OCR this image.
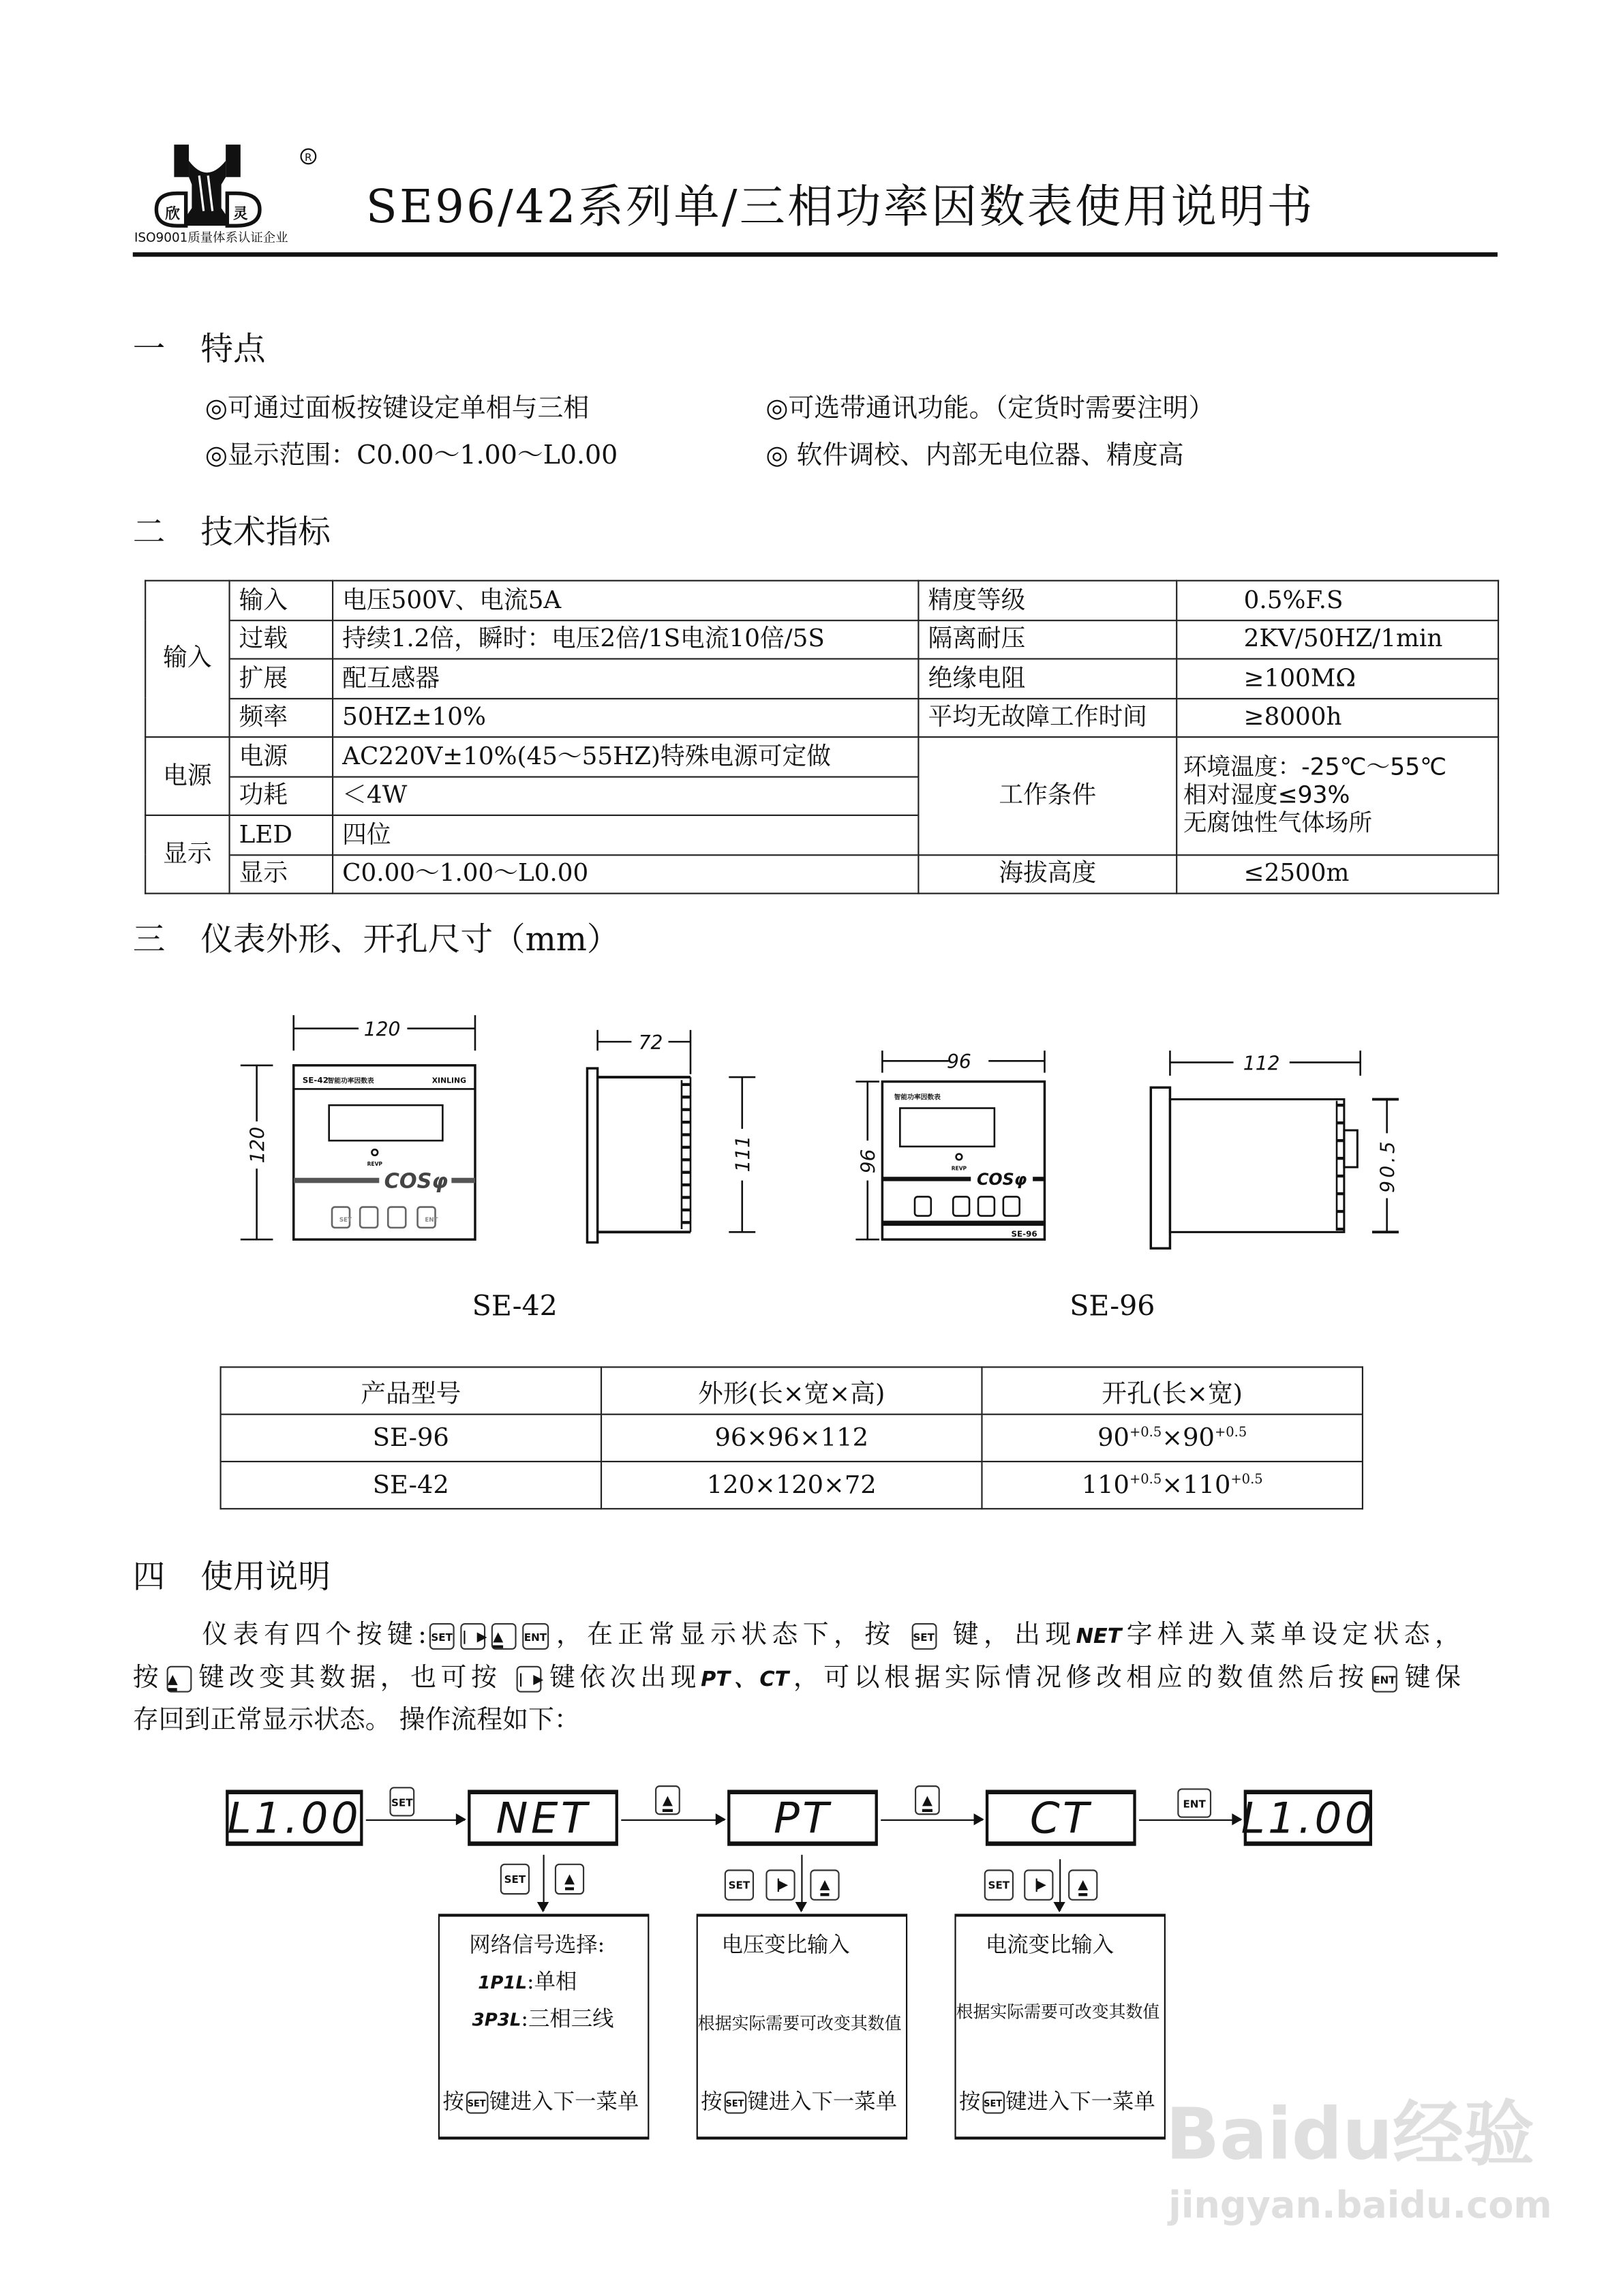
欣	灵
R
ISO9001质量体系认证企业
SE96/42系列单/三相功率因数表使用说明书
一 特点
◎可通过面板按键设定单相与三相	◎可选带通讯功能。（定货时需要注明）
◎显示范围：C0.00～1.00～L0.00	◎ 软件调校、内部无电位器、精度高
二 技术指标
输入	输入	电压500V、电流5A	精度等级	0.5%F.S
	过载	持续1.2倍，瞬时：电压2倍/1S电流10倍/5S	隔离耐压	2KV/50HZ/1min
	扩展	配互感器	绝缘电阻	≥100MΩ
	频率	50HZ±10%	平均无故障工作时间	≥8000h

电源	电源	AC220V±10%(45～55HZ)特殊电源可定做	工作条件	环境温度：-25℃～55℃
相对湿度≤93%
无腐蚀性气体场所

	功耗	＜4W		

显示	LED	四位		
	显示	C0.00～1.00～L0.00	海拔高度	≤2500m
三 仪表外形、开孔尺寸（mm）
120
120
72
111
SE-42
智能功率因数表	XINLING
REVP
COSφ
96
96
112
90.5
智能功率因数表
REVP
COSφ
SE-96
SET	ENT
SE-42	SE-96
产品型号	外形(长×宽×高)	开孔(长×宽)
SE-96	96×96×112	$90^{+0.5}\times 90^{+0.5}$
SE-42	120×120×72	$110^{+0.5}\times 110^{+0.5}$
四 使用说明
仪表有四个按键: SET |▶ ▲	ENT ，在正常显示状态下，按	SET 键，出现NET字样进入菜单设定状态，
按 ▲	键改变其数据，也可按 |▶	键依次出现PT、CT，可以根据实际情况修改相应的数值然后按 ENT 键保
存回到正常显示状态。 操作流程如下：
L1.00	NET	PT	CT	L1.00
SET ▲ ▲	ENT
SET ▲	SET |▶ ▲	SET
|▶
▲
网络信号选择:
1P1L:单相
3P3L:三相三线
按 SET 键进入下一菜单
电压变比输入
根据实际需要可改变其数值
按 SET 键进入下一菜单
电流变比输入
根据实际需要可改变其数值
按 SET 键进入下一菜单 Baidu经验
jingyan.baidu.com
